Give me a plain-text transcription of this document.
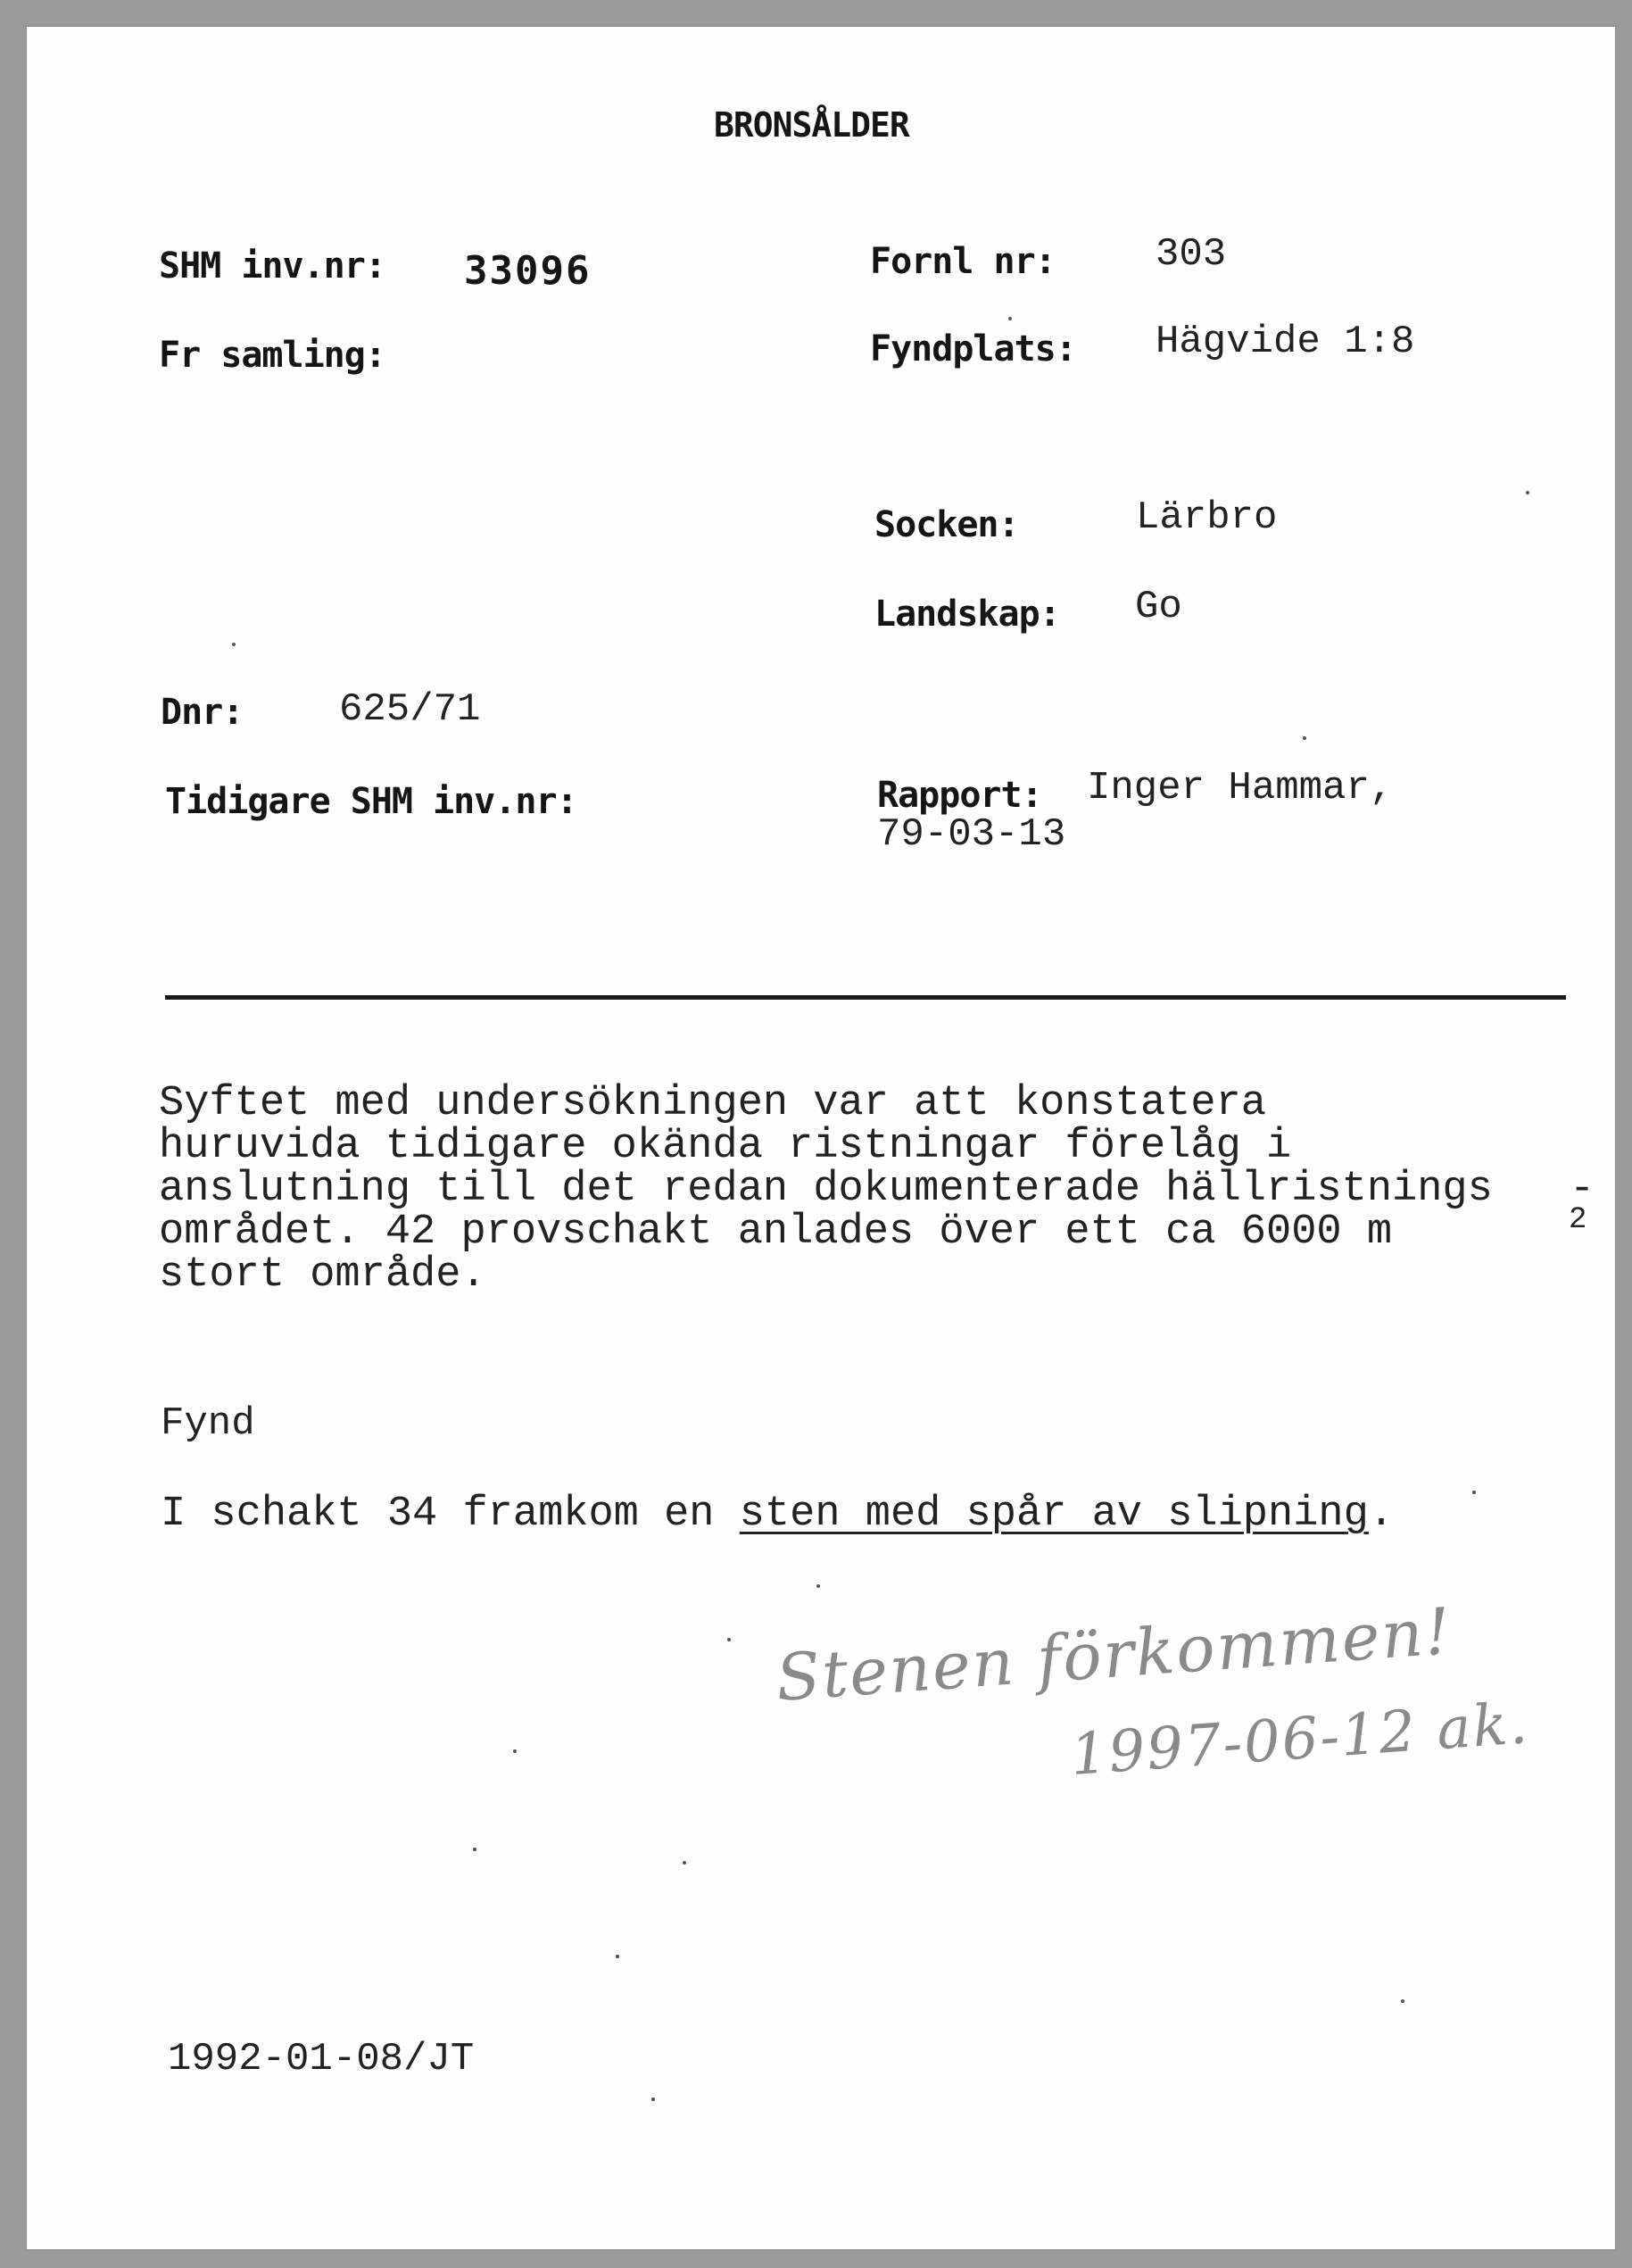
BRONSÅLDER
SHM inv.nr: 33096
Fr samling:
Dnr: 625/71
Tidigare SHM inv.nr:
Fornl nr:	303
Fyndplats: Hägvide 1:8
Socken:	Lärbro
Landskap: Go
Rapport: Inger Hammar,
79-03-13
Syftet med undersökningen var att konstatera
huruvida tidigare okända ristningar förelåg i
anslutning till det redan dokumenterade hällristnings
området. 42 provschakt anlades över ett ca 6000 m
stort område.
-
2
Fynd
I schakt 34 framkom en sten med spår av slipning.
Stenen förkommen!
1997-06-12 ak.
1992-01-08/JT
